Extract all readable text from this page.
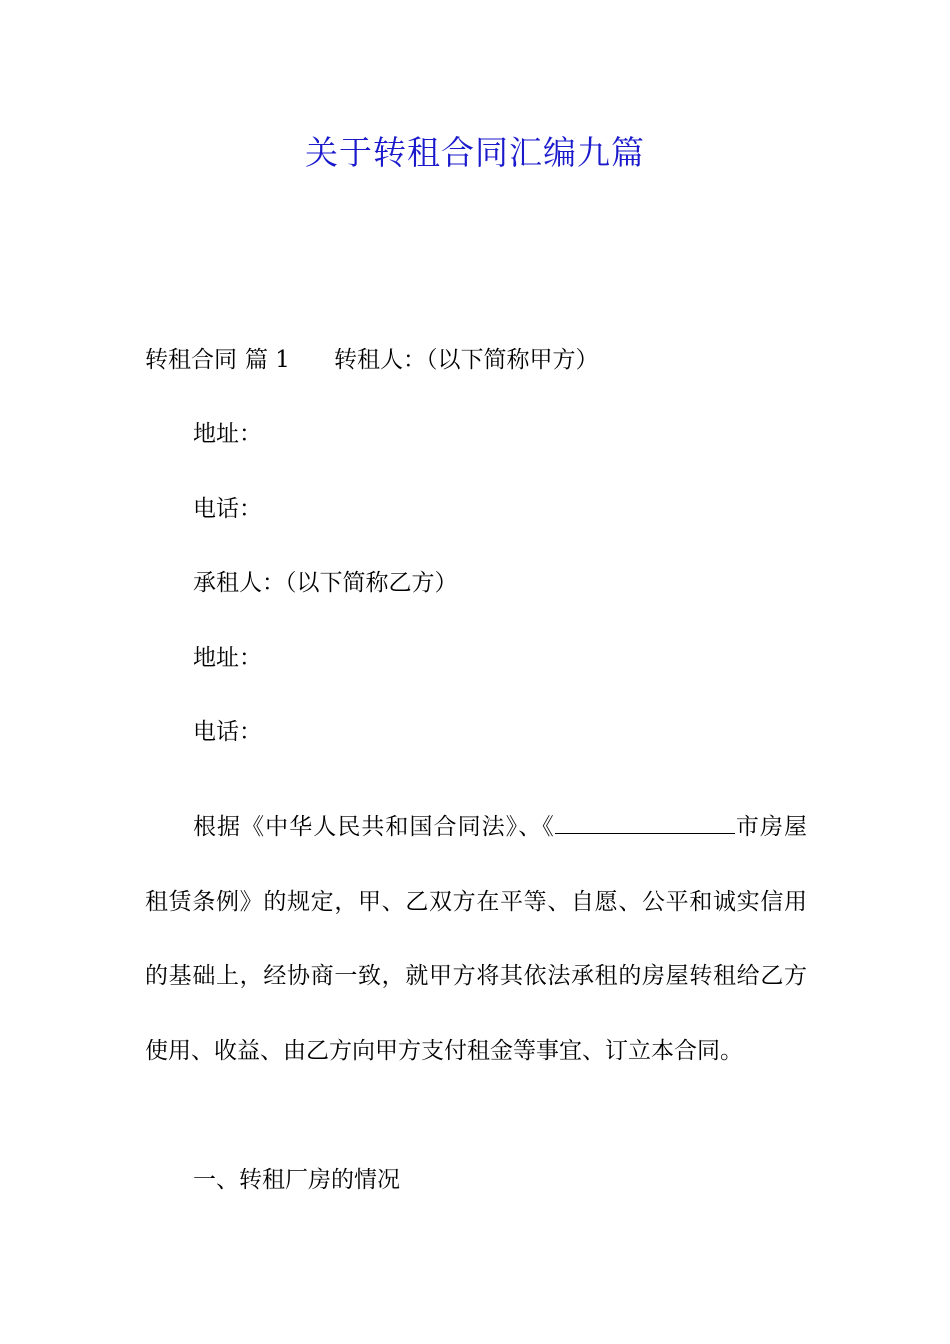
关于转租合同汇编九篇
转租合同 篇 1 转租人：（以下简称甲方）
地址：
电话：
承租人：（以下简称乙方）
地址：
电话：

根据《中华人民共和国合同法》、《	市房屋租赁条例》的规定，甲、乙双方在平等、自愿、公平和诚实信用的基础上，经协商一致，就甲方将其依法承租的房屋转租给乙方使用、收益、由乙方向甲方支付租金等事宜、订立本合同。

一、转租厂房的情况
